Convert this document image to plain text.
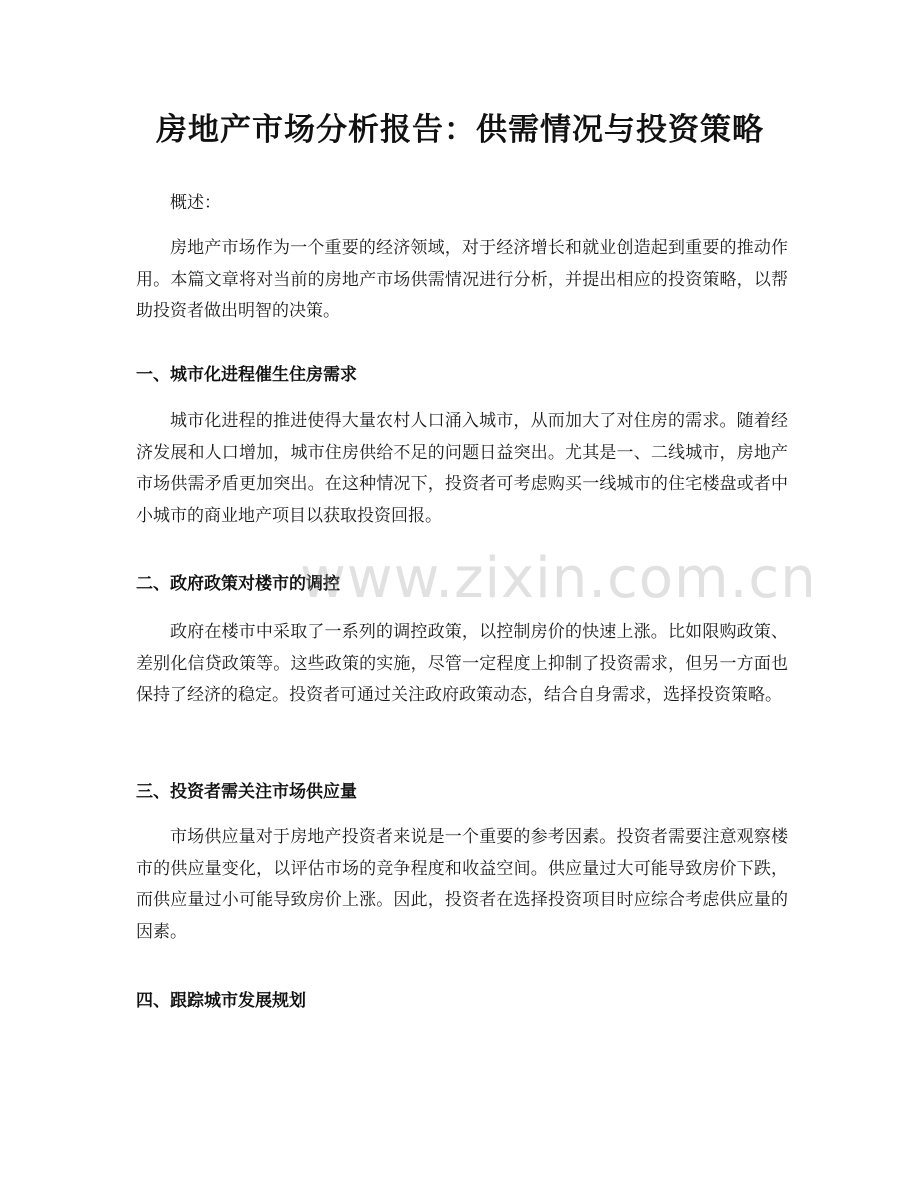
房地产市场分析报告：供需情况与投资策略

概述：

房地产市场作为一个重要的经济领域，对于经济增长和就业创造起到重要的推动作用。本篇文章将对当前的房地产市场供需情况进行分析，并提出相应的投资策略，以帮助投资者做出明智的决策。

一、城市化进程催生住房需求

城市化进程的推进使得大量农村人口涌入城市，从而加大了对住房的需求。随着经济发展和人口增加，城市住房供给不足的问题日益突出。尤其是一、二线城市，房地产市场供需矛盾更加突出。在这种情况下，投资者可考虑购买一线城市的住宅楼盘或者中小城市的商业地产项目以获取投资回报。

二、政府政策对楼市的调控

政府在楼市中采取了一系列的调控政策，以控制房价的快速上涨。比如限购政策、差别化信贷政策等。这些政策的实施，尽管一定程度上抑制了投资需求，但另一方面也保持了经济的稳定。投资者可通过关注政府政策动态，结合自身需求，选择投资策略。

三、投资者需关注市场供应量

市场供应量对于房地产投资者来说是一个重要的参考因素。投资者需要注意观察楼市的供应量变化，以评估市场的竞争程度和收益空间。供应量过大可能导致房价下跌，而供应量过小可能导致房价上涨。因此，投资者在选择投资项目时应综合考虑供应量的因素。

四、跟踪城市发展规划
www.zixin.com.cn
